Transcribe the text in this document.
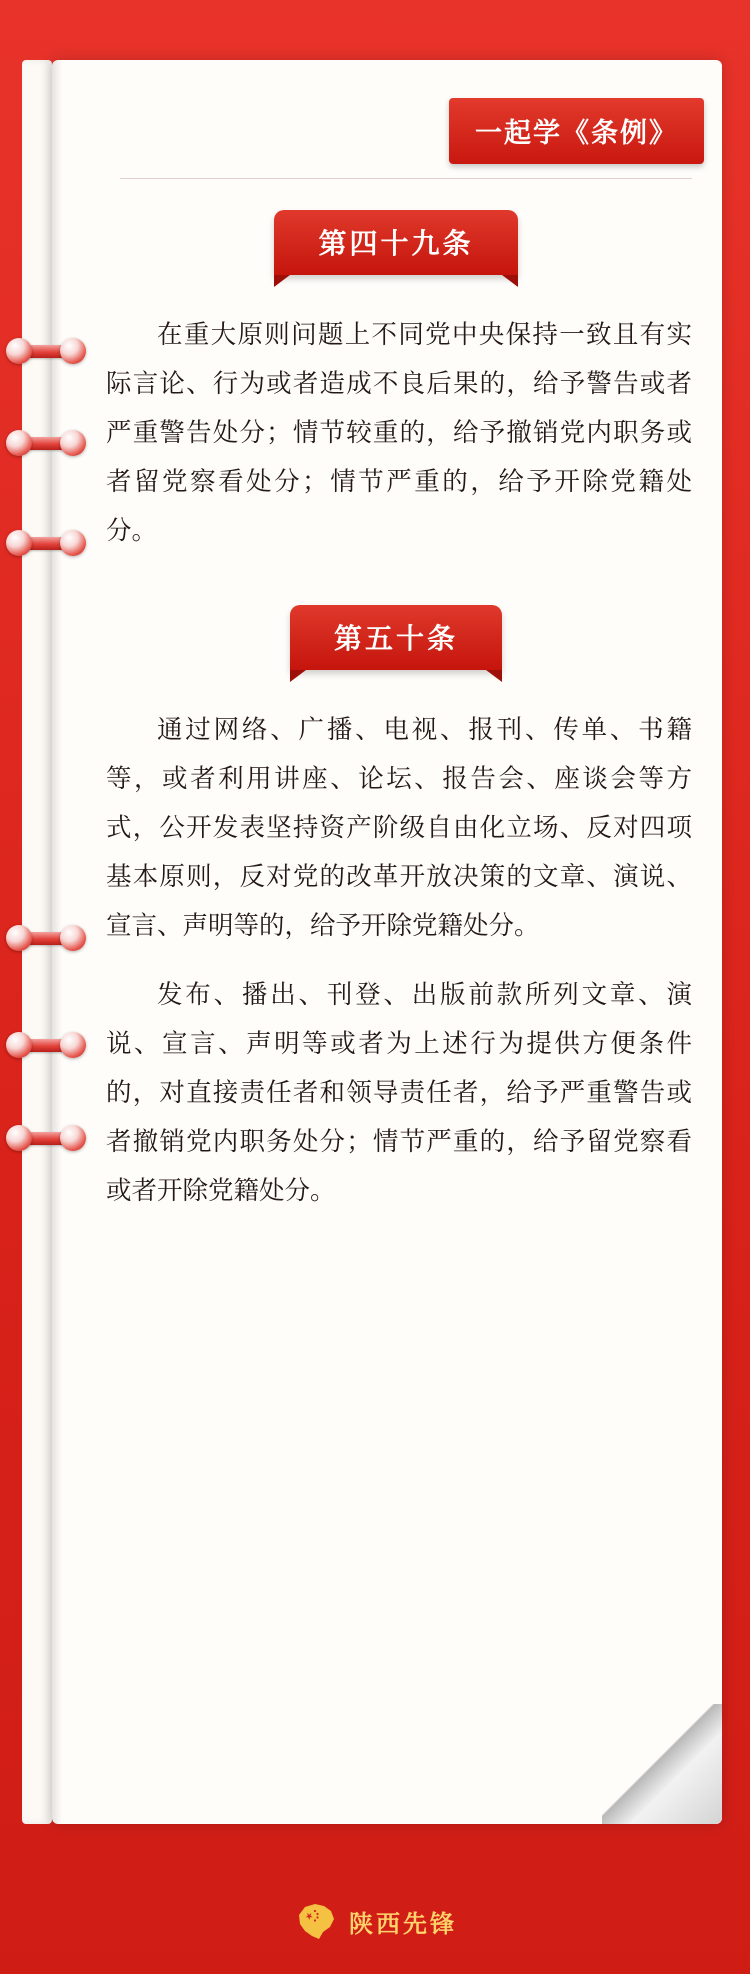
一起学《条例》
第四十九条

在重大原则问题上不同党中央保持一致且有实际言论、行为或者造成不良后果的，给予警告或者严重警告处分；情节较重的，给予撤销党内职务或者留党察看处分；情节严重的，给予开除党籍处分。

第五十条

通过网络、广播、电视、报刊、传单、书籍等，或者利用讲座、论坛、报告会、座谈会等方式，公开发表坚持资产阶级自由化立场、反对四项基本原则，反对党的改革开放决策的文章、演说、宣言、声明等的，给予开除党籍处分。

发布、播出、刊登、出版前款所列文章、演说、宣言、声明等或者为上述行为提供方便条件的，对直接责任者和领导责任者，给予严重警告或者撤销党内职务处分；情节严重的，给予留党察看或者开除党籍处分。

陕西先锋
